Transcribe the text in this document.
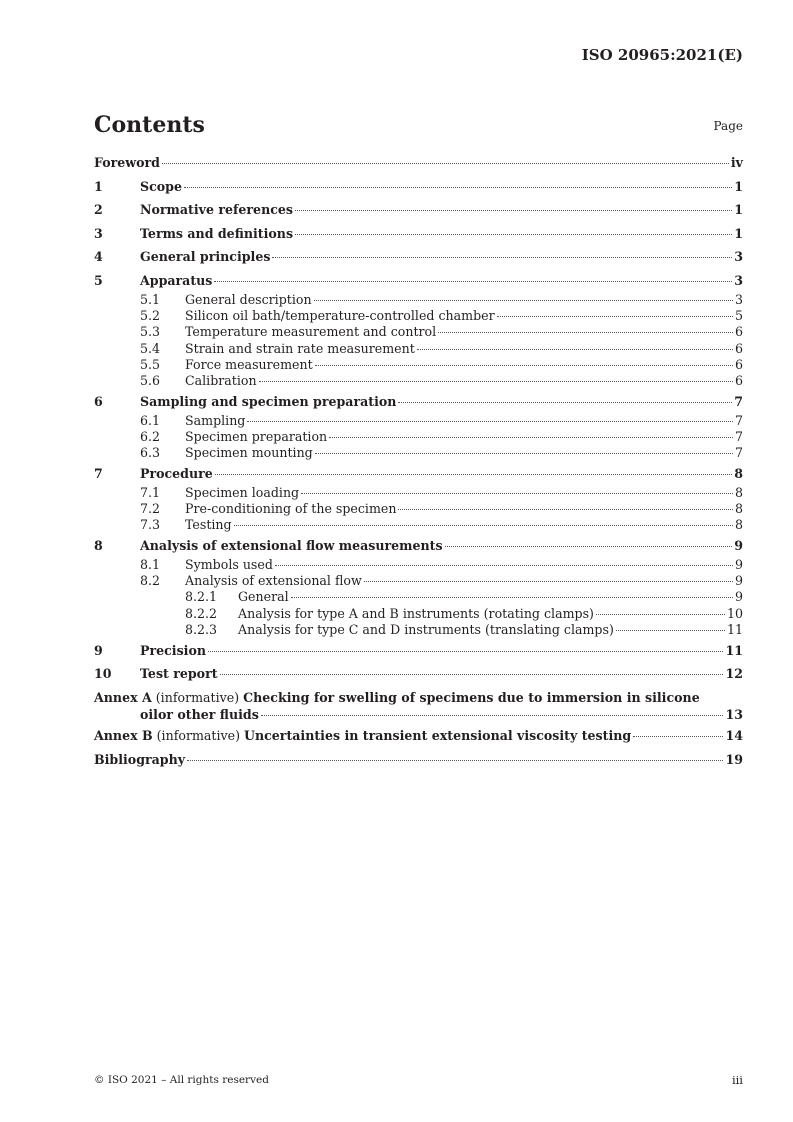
ISO 20965:2021(E)
Contents	Page
Foreword	iv
1	Scope	1
2	Normative references	1
3	Terms and definitions	1
4	General principles	3
5	Apparatus	3
5.1 General description	3
5.2 Silicon oil bath/temperature-controlled chamber	5
5.3 Temperature measurement and control	6
5.4 Strain and strain rate measurement	6
5.5 Force measurement	6
5.6 Calibration	6
6	Sampling and specimen preparation	7
6.1 Sampling	7
6.2 Specimen preparation	7
6.3 Specimen mounting	7
7	Procedure	8
7.1 Specimen loading	8
7.2 Pre-conditioning of the specimen	8
7.3 Testing	8
8	Analysis of extensional flow measurements	9
8.1 Symbols used	9
8.2 Analysis of extensional flow	9
8.2.1 General	9
8.2.2 Analysis for type A and B instruments (rotating clamps)	10
8.2.3 Analysis for type C and D instruments (translating clamps)	11
9	Precision	11
10 Test report	12
Annex A (informative) Checking for swelling of specimens due to immersion in silicone
oilor other fluids	13
Annex B (informative) Uncertainties in transient extensional viscosity testing	14
Bibliography	19
© ISO 2021 – All rights reserved	iii
